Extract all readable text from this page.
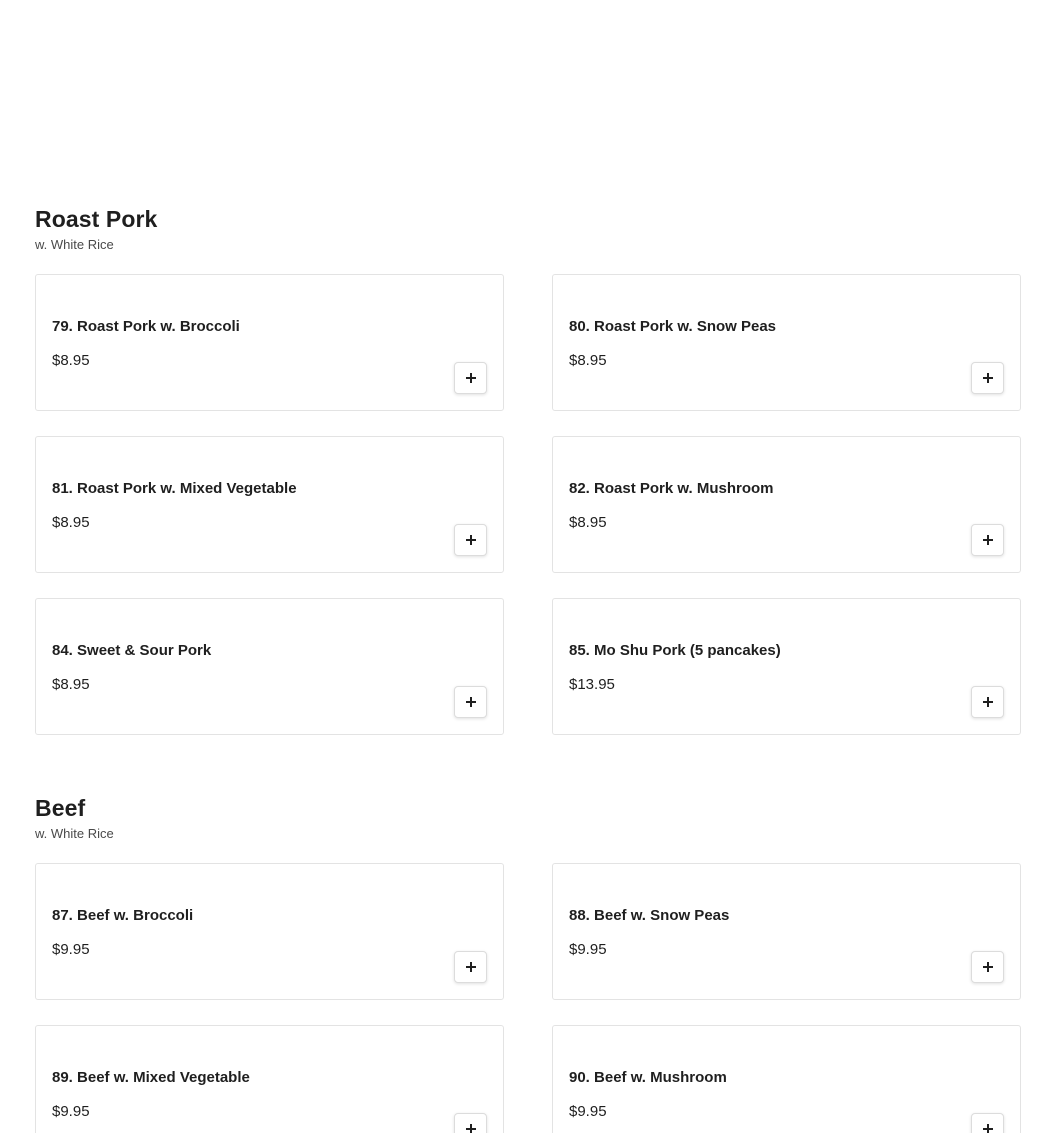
Roast Pork
w. White Rice
79. Roast Pork w. Broccoli
$8.95
80. Roast Pork w. Snow Peas
$8.95
81. Roast Pork w. Mixed Vegetable
$8.95
82. Roast Pork w. Mushroom
$8.95
84. Sweet & Sour Pork
$8.95
85. Mo Shu Pork (5 pancakes)
$13.95
Beef
w. White Rice
87. Beef w. Broccoli
$9.95
88. Beef w. Snow Peas
$9.95
89. Beef w. Mixed Vegetable
$9.95
90. Beef w. Mushroom
$9.95
